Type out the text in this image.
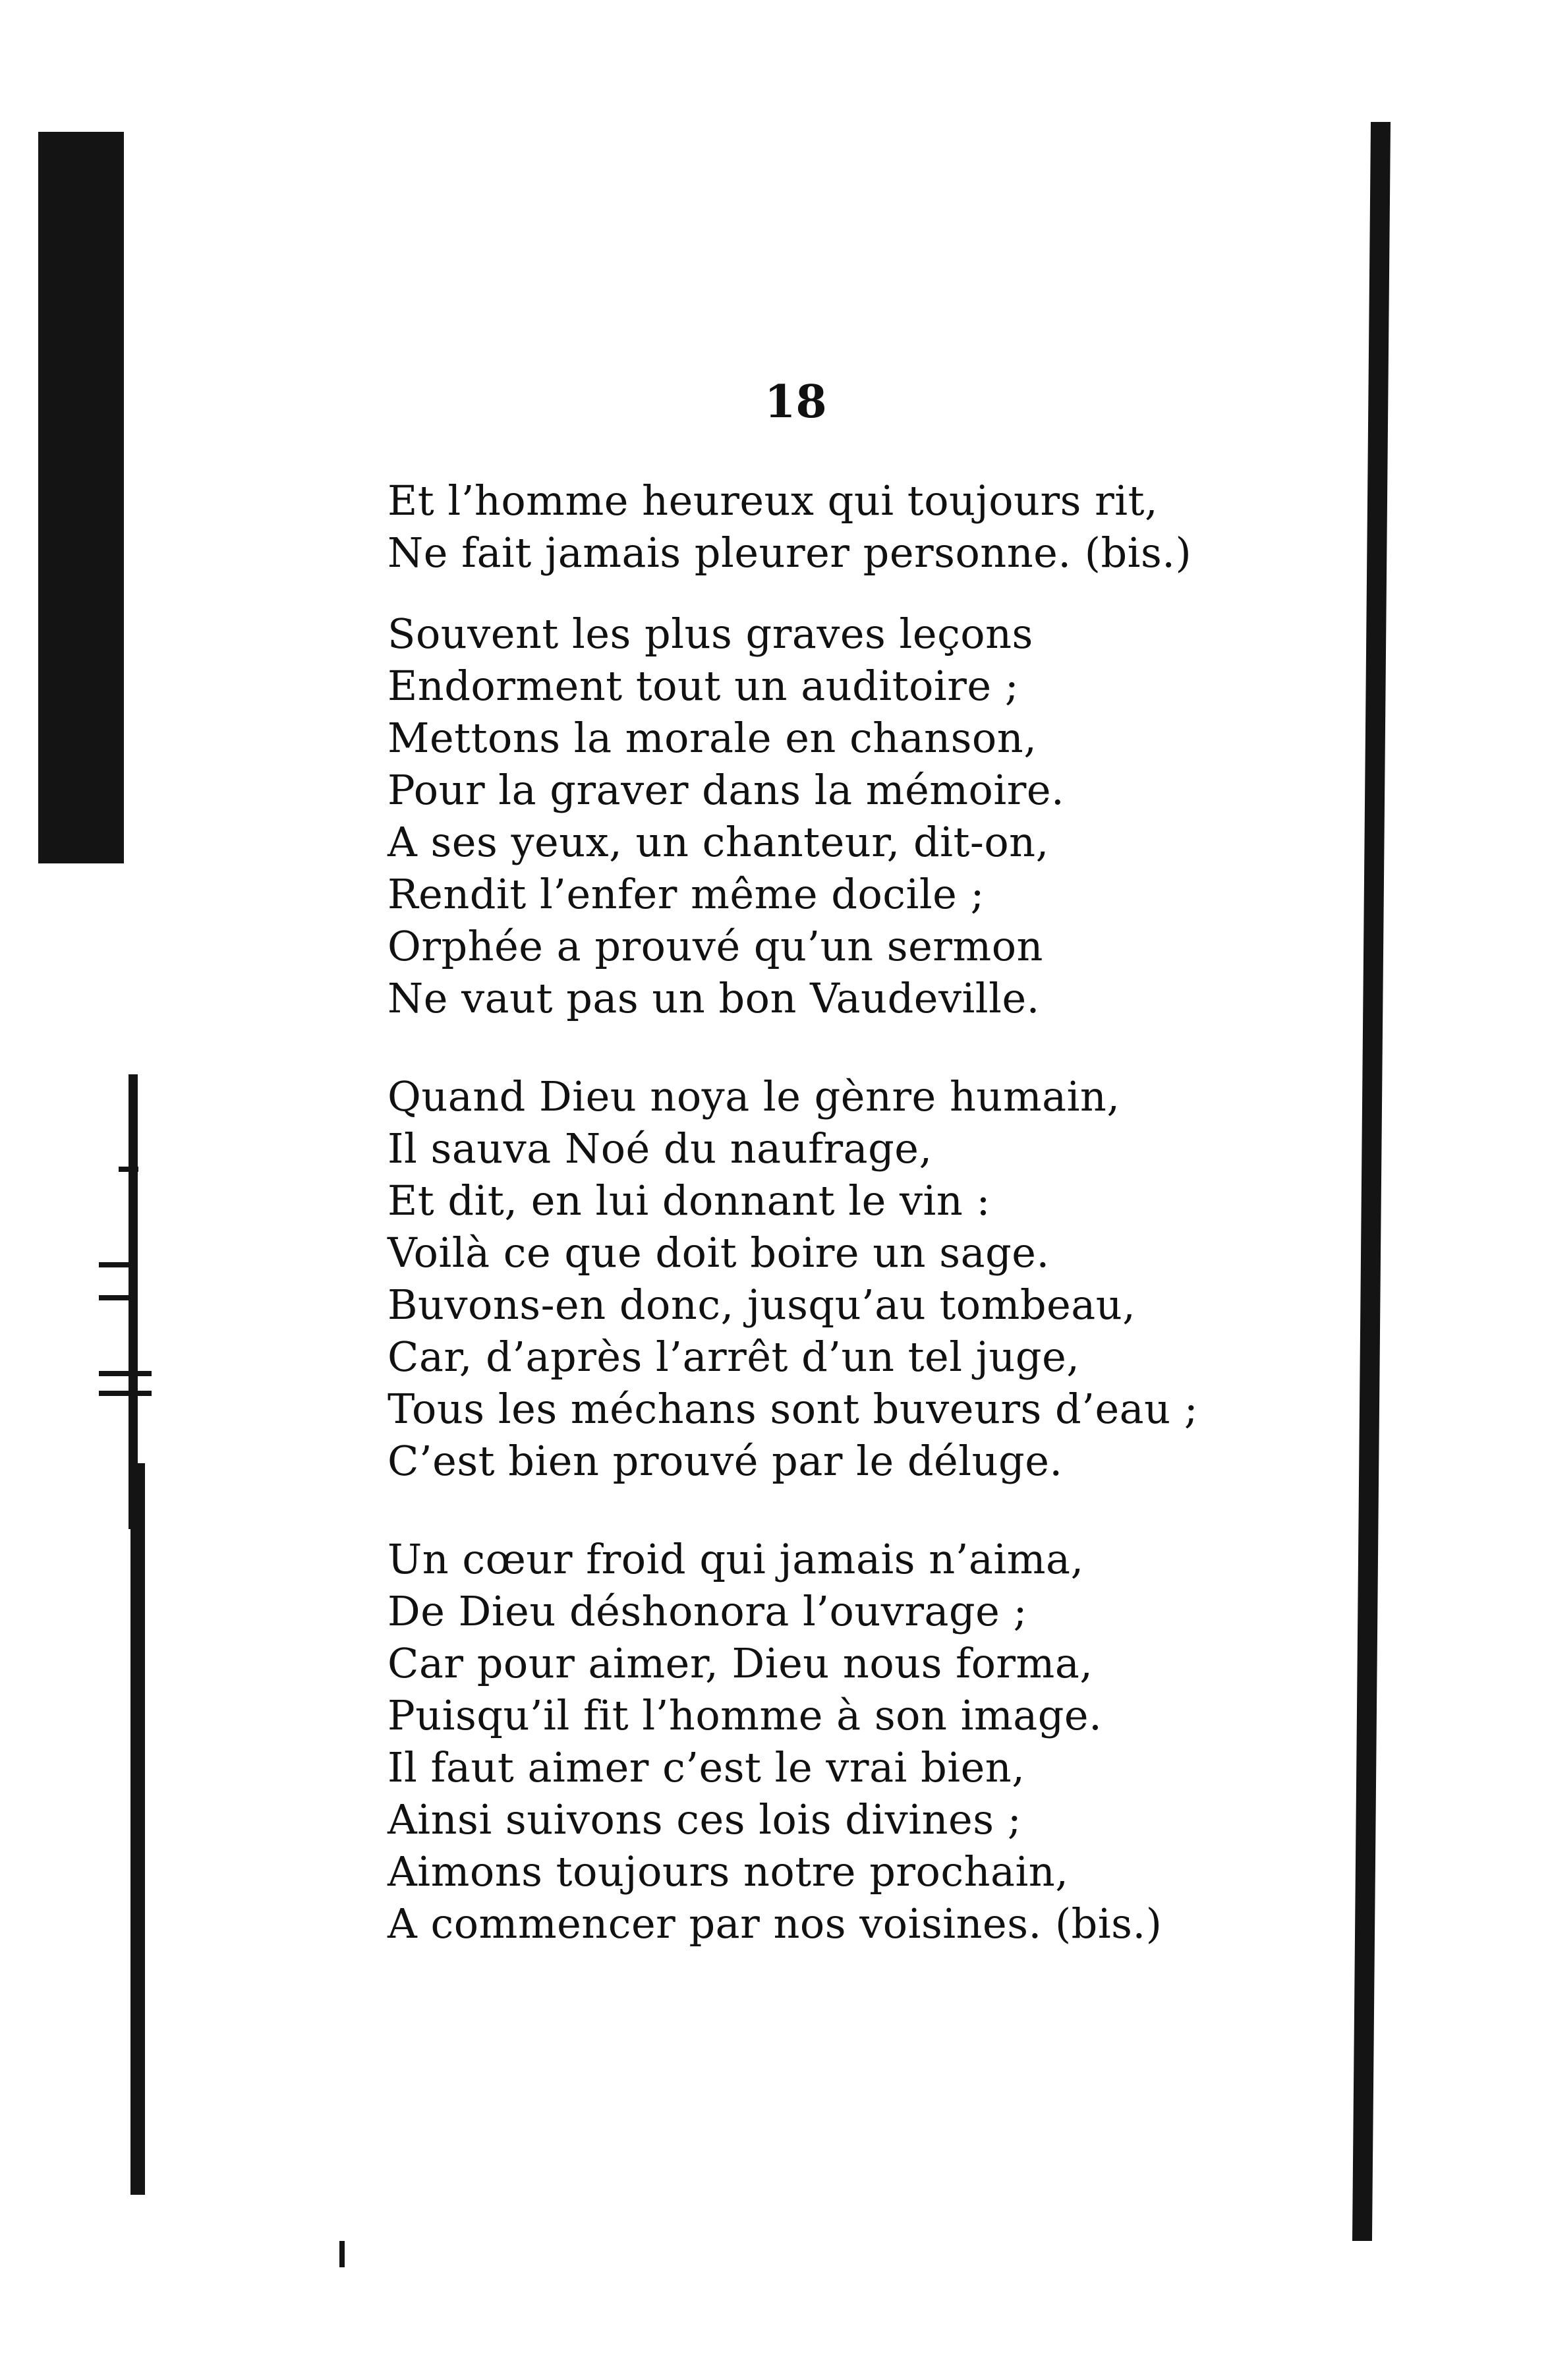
18
Et l’homme heureux qui toujours rit,
Ne fait jamais pleurer personne. (bis.)
Souvent les plus graves leçons
Endorment tout un auditoire ;
Mettons la morale en chanson,
Pour la graver dans la mémoire.
A ses yeux, un chanteur, dit-on,
Rendit l’enfer même docile ;
Orphée a prouvé qu’un sermon
Ne vaut pas un bon Vaudeville.
Quand Dieu noya le gènre humain,
Il sauva Noé du naufrage,
Et dit, en lui donnant le vin :
Voilà ce que doit boire un sage.
Buvons-en donc, jusqu’au tombeau,
Car, d’après l’arrêt d’un tel juge,
Tous les méchans sont buveurs d’eau ;
C’est bien prouvé par le déluge.
Un cœur froid qui jamais n’aima,
De Dieu déshonora l’ouvrage ;
Car pour aimer, Dieu nous forma,
Puisqu’il fit l’homme à son image.
Il faut aimer c’est le vrai bien,
Ainsi suivons ces lois divines ;
Aimons toujours notre prochain,
A commencer par nos voisines. (bis.)
